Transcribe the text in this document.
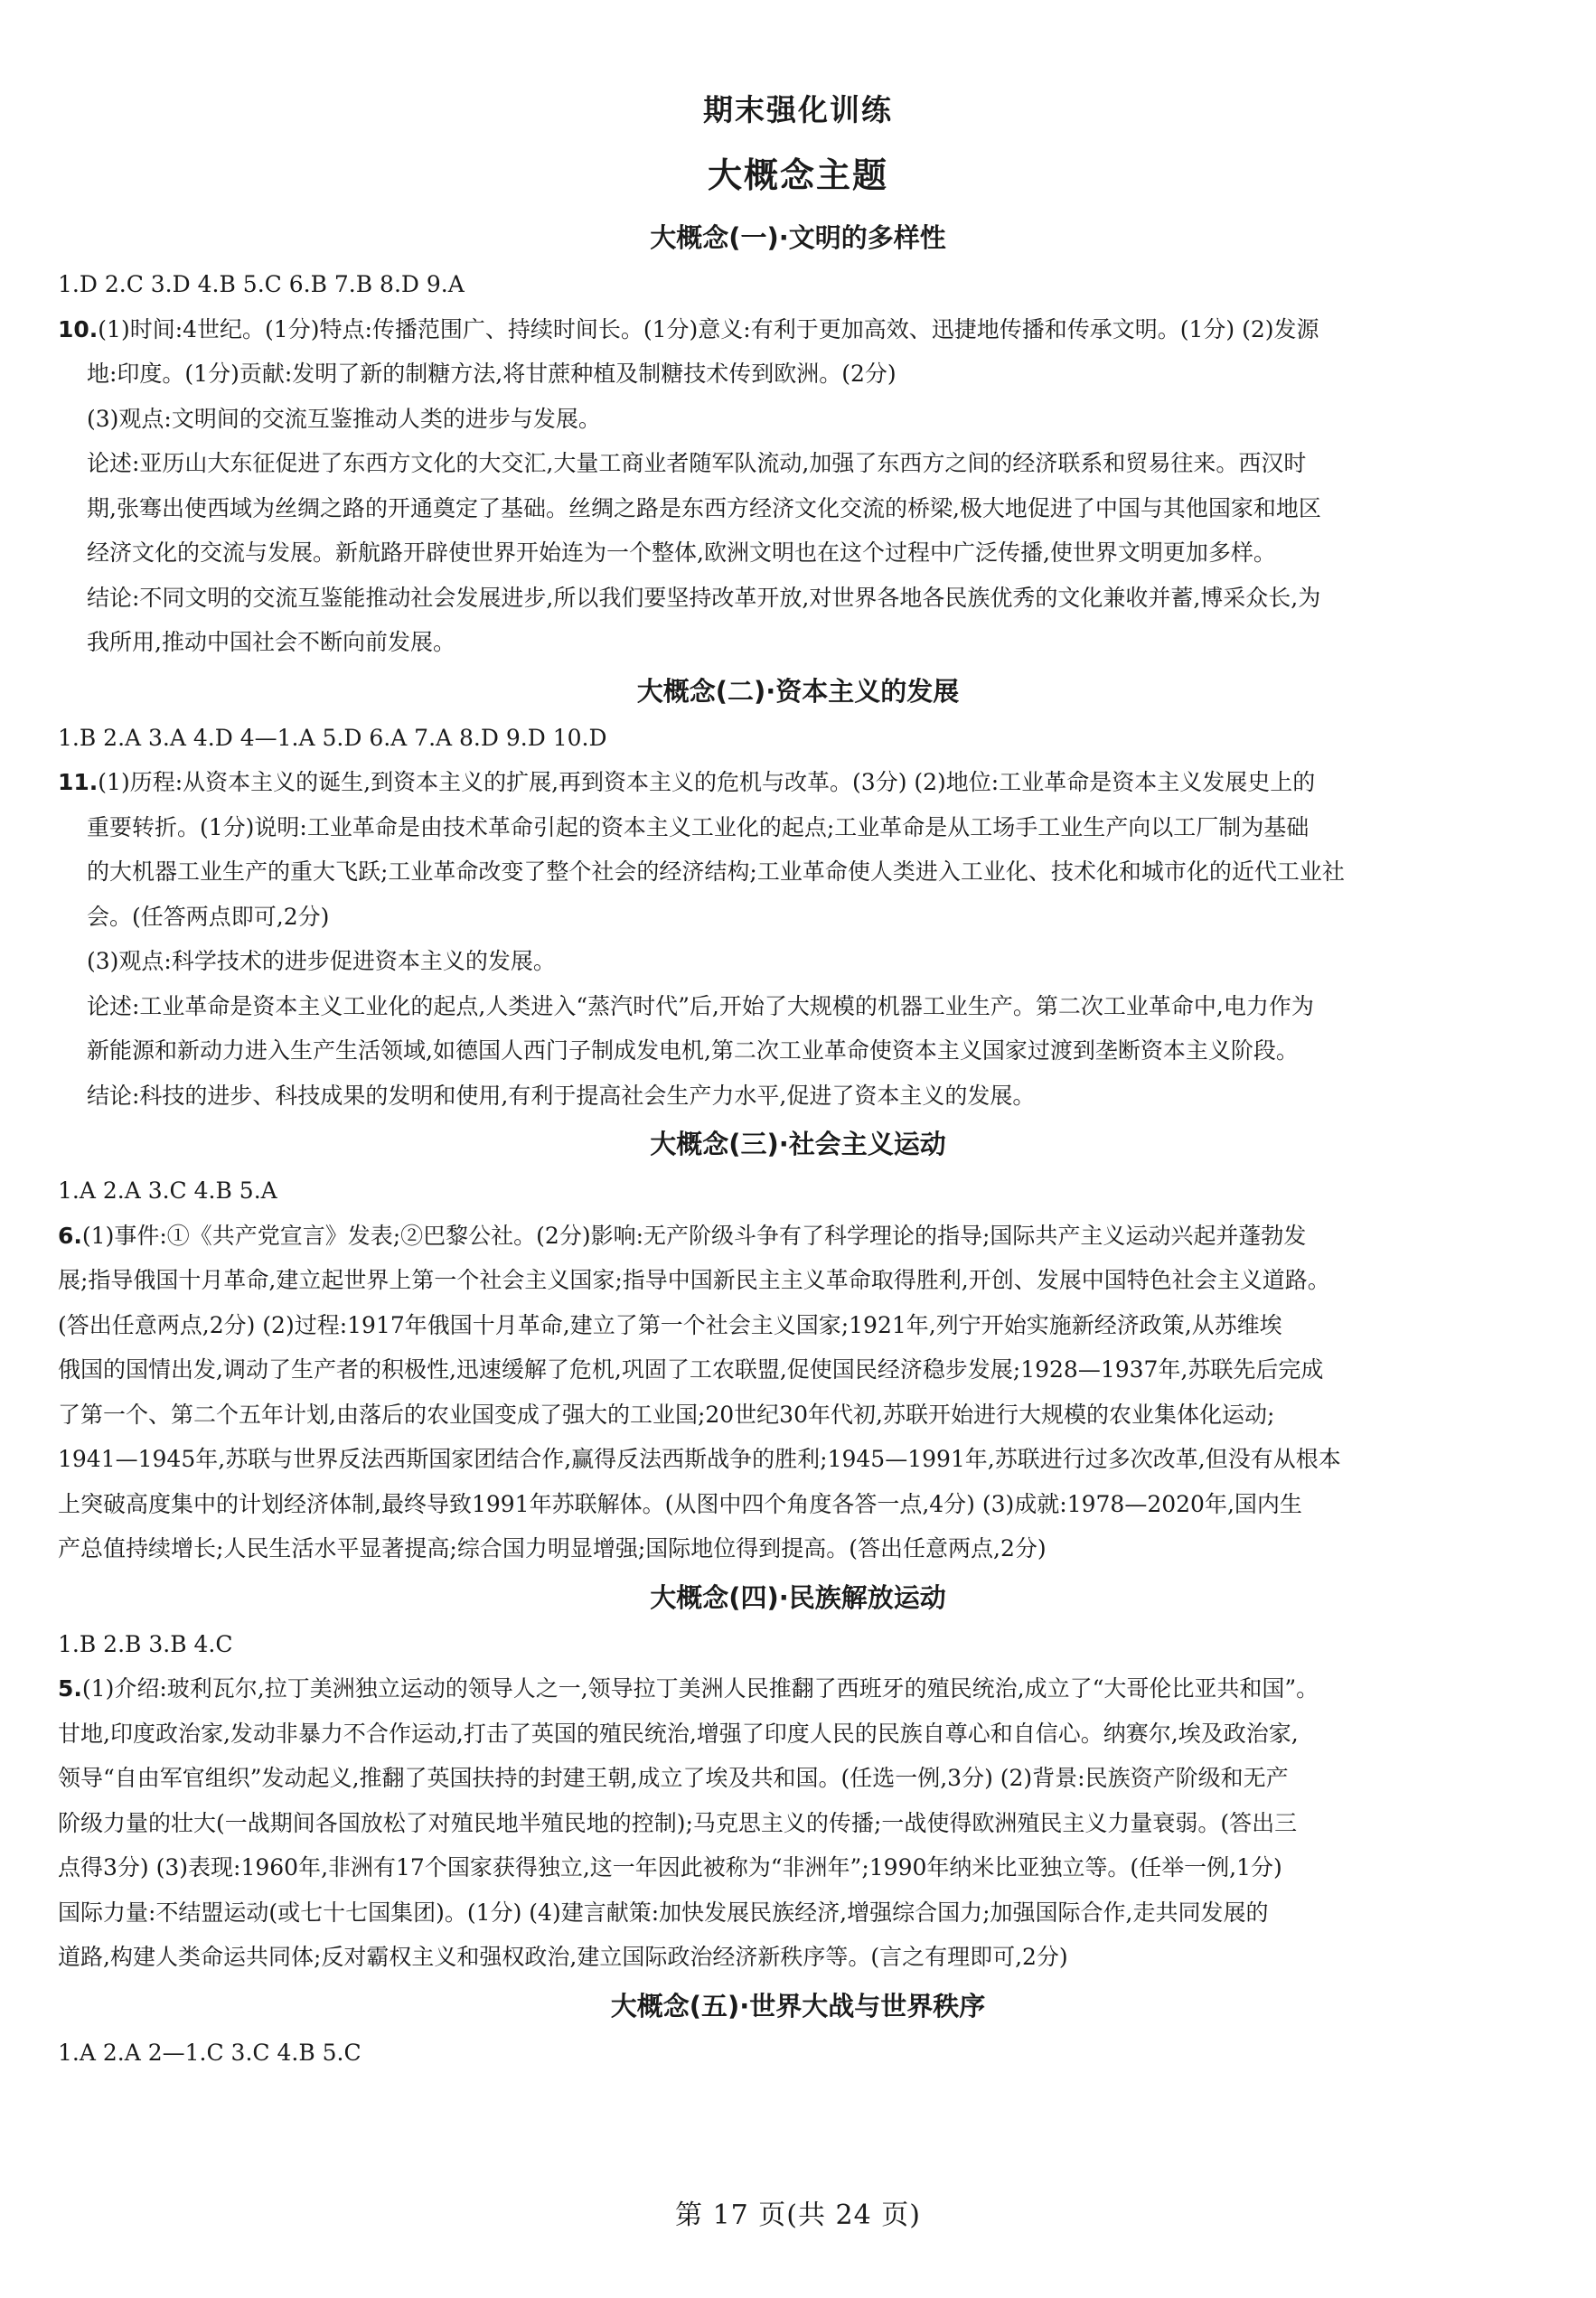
期末强化训练
大概念主题
大概念(一)·文明的多样性
1.D 2.C 3.D 4.B 5.C 6.B 7.B 8.D 9.A
10.(1)时间:4世纪。(1分)特点:传播范围广、持续时间长。(1分)意义:有利于更加高效、迅捷地传播和传承文明。(1分) (2)发源
地:印度。(1分)贡献:发明了新的制糖方法,将甘蔗种植及制糖技术传到欧洲。(2分)
(3)观点:文明间的交流互鉴推动人类的进步与发展。
论述:亚历山大东征促进了东西方文化的大交汇,大量工商业者随军队流动,加强了东西方之间的经济联系和贸易往来。西汉时
期,张骞出使西域为丝绸之路的开通奠定了基础。丝绸之路是东西方经济文化交流的桥梁,极大地促进了中国与其他国家和地区
经济文化的交流与发展。新航路开辟使世界开始连为一个整体,欧洲文明也在这个过程中广泛传播,使世界文明更加多样。
结论:不同文明的交流互鉴能推动社会发展进步,所以我们要坚持改革开放,对世界各地各民族优秀的文化兼收并蓄,博采众长,为
我所用,推动中国社会不断向前发展。
大概念(二)·资本主义的发展
1.B 2.A 3.A 4.D 4—1.A 5.D 6.A 7.A 8.D 9.D 10.D
11.(1)历程:从资本主义的诞生,到资本主义的扩展,再到资本主义的危机与改革。(3分) (2)地位:工业革命是资本主义发展史上的
重要转折。(1分)说明:工业革命是由技术革命引起的资本主义工业化的起点;工业革命是从工场手工业生产向以工厂制为基础
的大机器工业生产的重大飞跃;工业革命改变了整个社会的经济结构;工业革命使人类进入工业化、技术化和城市化的近代工业社
会。(任答两点即可,2分)
(3)观点:科学技术的进步促进资本主义的发展。
论述:工业革命是资本主义工业化的起点,人类进入“蒸汽时代”后,开始了大规模的机器工业生产。第二次工业革命中,电力作为
新能源和新动力进入生产生活领域,如德国人西门子制成发电机,第二次工业革命使资本主义国家过渡到垄断资本主义阶段。
结论:科技的进步、科技成果的发明和使用,有利于提高社会生产力水平,促进了资本主义的发展。
大概念(三)·社会主义运动
1.A 2.A 3.C 4.B 5.A
6.(1)事件:①《共产党宣言》发表;②巴黎公社。(2分)影响:无产阶级斗争有了科学理论的指导;国际共产主义运动兴起并蓬勃发
展;指导俄国十月革命,建立起世界上第一个社会主义国家;指导中国新民主主义革命取得胜利,开创、发展中国特色社会主义道路。
(答出任意两点,2分) (2)过程:1917年俄国十月革命,建立了第一个社会主义国家;1921年,列宁开始实施新经济政策,从苏维埃
俄国的国情出发,调动了生产者的积极性,迅速缓解了危机,巩固了工农联盟,促使国民经济稳步发展;1928—1937年,苏联先后完成
了第一个、第二个五年计划,由落后的农业国变成了强大的工业国;20世纪30年代初,苏联开始进行大规模的农业集体化运动;
1941—1945年,苏联与世界反法西斯国家团结合作,赢得反法西斯战争的胜利;1945—1991年,苏联进行过多次改革,但没有从根本
上突破高度集中的计划经济体制,最终导致1991年苏联解体。(从图中四个角度各答一点,4分) (3)成就:1978—2020年,国内生
产总值持续增长;人民生活水平显著提高;综合国力明显增强;国际地位得到提高。(答出任意两点,2分)
大概念(四)·民族解放运动
1.B 2.B 3.B 4.C
5.(1)介绍:玻利瓦尔,拉丁美洲独立运动的领导人之一,领导拉丁美洲人民推翻了西班牙的殖民统治,成立了“大哥伦比亚共和国”。
甘地,印度政治家,发动非暴力不合作运动,打击了英国的殖民统治,增强了印度人民的民族自尊心和自信心。纳赛尔,埃及政治家,
领导“自由军官组织”发动起义,推翻了英国扶持的封建王朝,成立了埃及共和国。(任选一例,3分) (2)背景:民族资产阶级和无产
阶级力量的壮大(一战期间各国放松了对殖民地半殖民地的控制);马克思主义的传播;一战使得欧洲殖民主义力量衰弱。(答出三
点得3分) (3)表现:1960年,非洲有17个国家获得独立,这一年因此被称为“非洲年”;1990年纳米比亚独立等。(任举一例,1分)
国际力量:不结盟运动(或七十七国集团)。(1分) (4)建言献策:加快发展民族经济,增强综合国力;加强国际合作,走共同发展的
道路,构建人类命运共同体;反对霸权主义和强权政治,建立国际政治经济新秩序等。(言之有理即可,2分)
大概念(五)·世界大战与世界秩序
1.A 2.A 2—1.C 3.C 4.B 5.C
第 17 页(共 24 页)
